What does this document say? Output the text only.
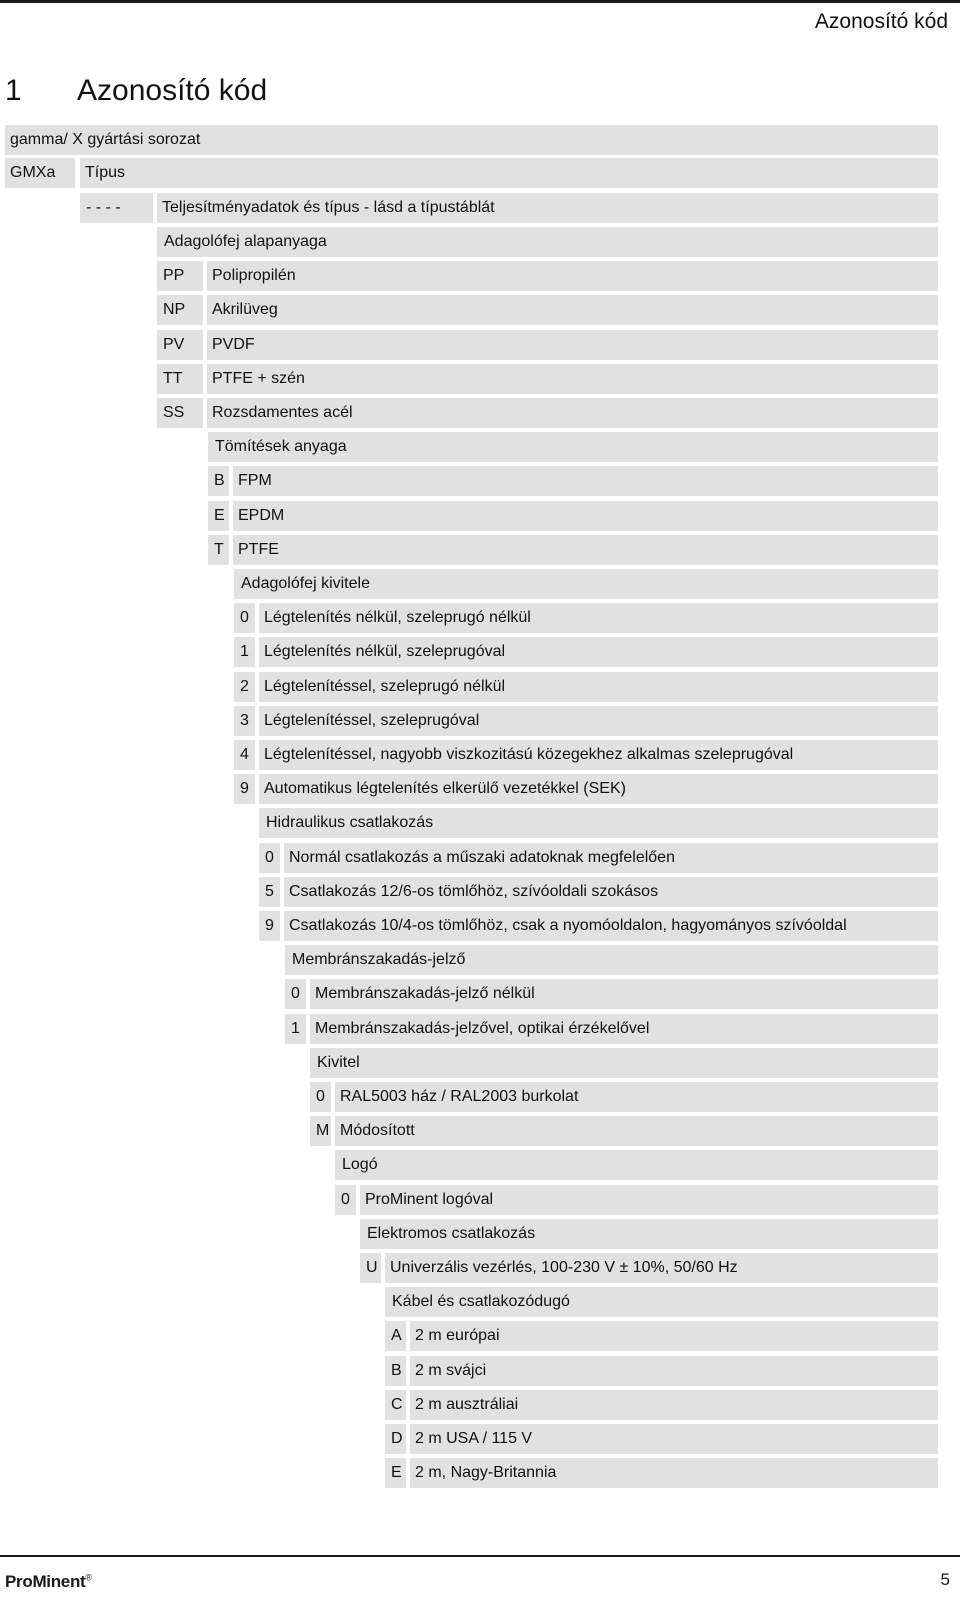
Azonosító kód
1 Azonosító kód
gamma/ X gyártási sorozat
GMXa	Típus
- - - -	Teljesítményadatok és típus - lásd a típustáblát
Adagolófej alapanyaga
PP	Polipropilén
NP	Akrilüveg
PV	PVDF
TT	PTFE + szén
SS	Rozsdamentes acél
Tömítések anyaga
B FPM
E EPDM
T PTFE
Adagolófej kivitele
0 Légtelenítés nélkül, szeleprugó nélkül
1 Légtelenítés nélkül, szeleprugóval
2 Légtelenítéssel, szeleprugó nélkül
3 Légtelenítéssel, szeleprugóval
4 Légtelenítéssel, nagyobb viszkozitású közegekhez alkalmas szeleprugóval
9 Automatikus légtelenítés elkerülő vezetékkel (SEK)
Hidraulikus csatlakozás
0 Normál csatlakozás a műszaki adatoknak megfelelően
5 Csatlakozás 12/6-os tömlőhöz, szívóoldali szokásos
9 Csatlakozás 10/4-os tömlőhöz, csak a nyomóoldalon, hagyományos szívóoldal
Membránszakadás-jelző
0 Membránszakadás-jelző nélkül
1 Membránszakadás-jelzővel, optikai érzékelővel
Kivitel
0 RAL5003 ház / RAL2003 burkolat
M Módosított
Logó
0 ProMinent logóval
Elektromos csatlakozás
U Univerzális vezérlés, 100-230 V ± 10%, 50/60 Hz
Kábel és csatlakozódugó
A 2 m európai
B 2 m svájci
C 2 m ausztráliai
D 2 m USA / 115 V
E 2 m, Nagy-Britannia
ProMinent®	5
